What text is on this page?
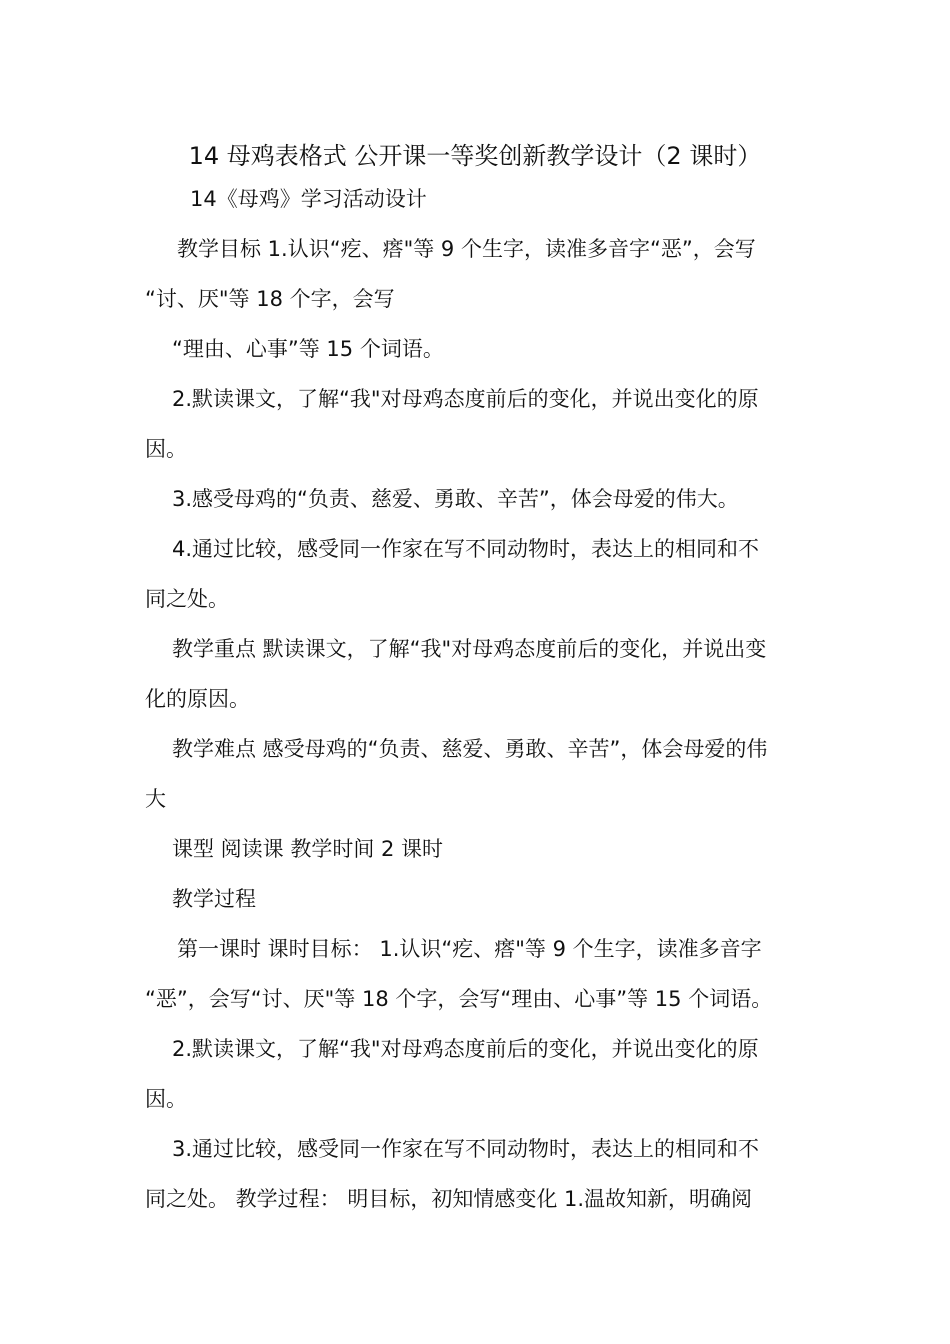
14 母鸡表格式 公开课一等奖创新教学设计（2 课时）
14《母鸡》学习活动设计
教学目标 1.认识“疙、瘩"等 9 个生字，读准多音字“恶”，会写
“讨、厌"等 18 个字，会写
“理由、心事”等 15 个词语。
2.默读课文，了解“我"对母鸡态度前后的变化，并说出变化的原
因。
3.感受母鸡的“负责、慈爱、勇敢、辛苦”，体会母爱的伟大。
4.通过比较，感受同一作家在写不同动物时，表达上的相同和不
同之处。
教学重点 默读课文，了解“我"对母鸡态度前后的变化，并说出变
化的原因。
教学难点 感受母鸡的“负责、慈爱、勇敢、辛苦”，体会母爱的伟
大
课型 阅读课 教学时间 2 课时
教学过程
第一课时 课时目标： 1.认识“疙、瘩"等 9 个生字，读准多音字
“恶”，会写“讨、厌"等 18 个字，会写“理由、心事”等 15 个词语。
2.默读课文，了解“我"对母鸡态度前后的变化，并说出变化的原
因。
3.通过比较，感受同一作家在写不同动物时，表达上的相同和不
同之处。 教学过程： 明目标，初知情感变化 1.温故知新，明确阅
